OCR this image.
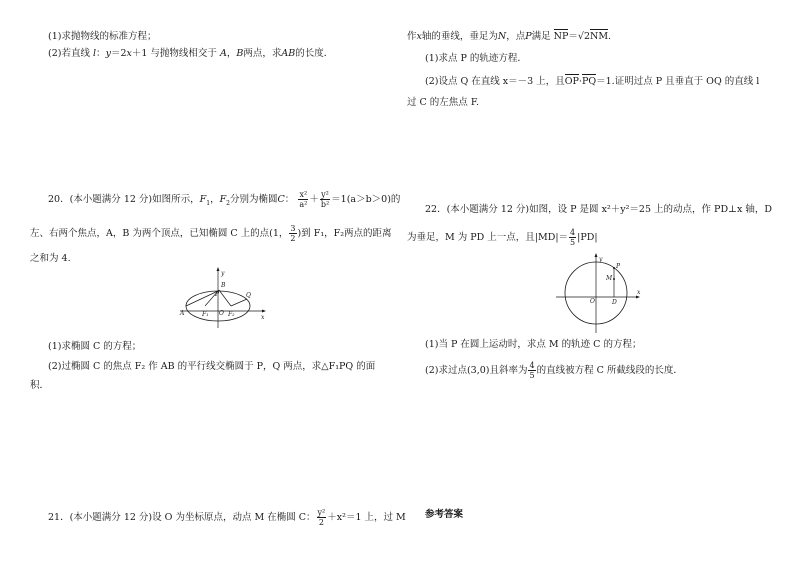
(1)求抛物线的标准方程；
(2)若直线 l：y＝2x＋1 与抛物线相交于 A，B两点，求AB的长度．
20．(本小题满分 12 分)如图所示，$F_1$，$F_2$分别为椭圆C： $\frac{\text{x²}}{\text{a²}} + \frac{\text{y²}}{\text{b²}} =1(a>b>0)$的
左、右两个焦点，A，B 为两个顶点，已知椭圆 C 上的点(1， $\frac{3}{2}$ )到 F₁，F₂两点的距离
之和为 4.
y
x
A
B
P	Q
O
F₁	F₂
(1)求椭圆 C 的方程；
(2)过椭圆 C 的焦点 F₂ 作 AB 的平行线交椭圆于 P，Q 两点，求△F₁PQ 的面
积．
21．(本小题满分 12 分)设 O 为坐标原点，动点 M 在椭圆 C： $\frac{\text{y²}}{2} +x^2=1$ 上，过 M
作x轴的垂线，垂足为N，点P满足 NP＝√2NM.
(1)求点 P 的轨迹方程．
(2)设点 Q 在直线 x＝－3 上，且OP·PQ＝1.证明过点 P 且垂直于 OQ 的直线 l
过 C 的左焦点 F.
22．(本小题满分 12 分)如图，设 P 是圆 x²＋y²＝25 上的动点，作 PD⊥x 轴，D
为垂足，M 为 PD 上一点，且$|MD|= \frac{4}{5} |PD|$
y
x
P
M
O	D
(1)当 P 在圆上运动时，求点 M 的轨迹 C 的方程；
(2)求过点(3,0)且斜率为 $\frac{4}{5}$ 的直线被方程 C 所截线段的长度．
参考答案
